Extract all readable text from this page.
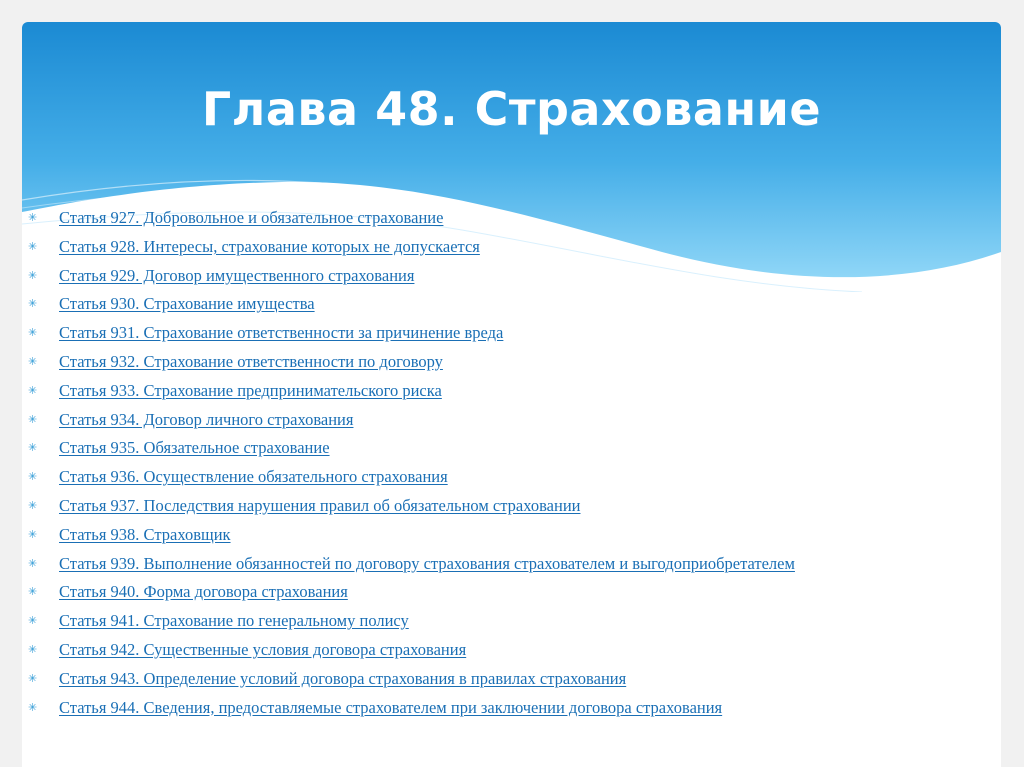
Глава 48. Страхование
✳ Статья 927. Добровольное и обязательное страхование
✳ Статья 928. Интересы, страхование которых не допускается
✳ Статья 929. Договор имущественного страхования
✳ Статья 930. Страхование имущества
✳ Статья 931. Страхование ответственности за причинение вреда
✳ Статья 932. Страхование ответственности по договору
✳ Статья 933. Страхование предпринимательского риска
✳ Статья 934. Договор личного страхования
✳ Статья 935. Обязательное страхование
✳ Статья 936. Осуществление обязательного страхования
✳ Статья 937. Последствия нарушения правил об обязательном страховании
✳ Статья 938. Страховщик
✳ Статья 939. Выполнение обязанностей по договору страхования страхователем и выгодоприобретателем
✳ Статья 940. Форма договора страхования
✳ Статья 941. Страхование по генеральному полису
✳ Статья 942. Существенные условия договора страхования
✳ Статья 943. Определение условий договора страхования в правилах страхования
✳ Статья 944. Сведения, предоставляемые страхователем при заключении договора страхования
